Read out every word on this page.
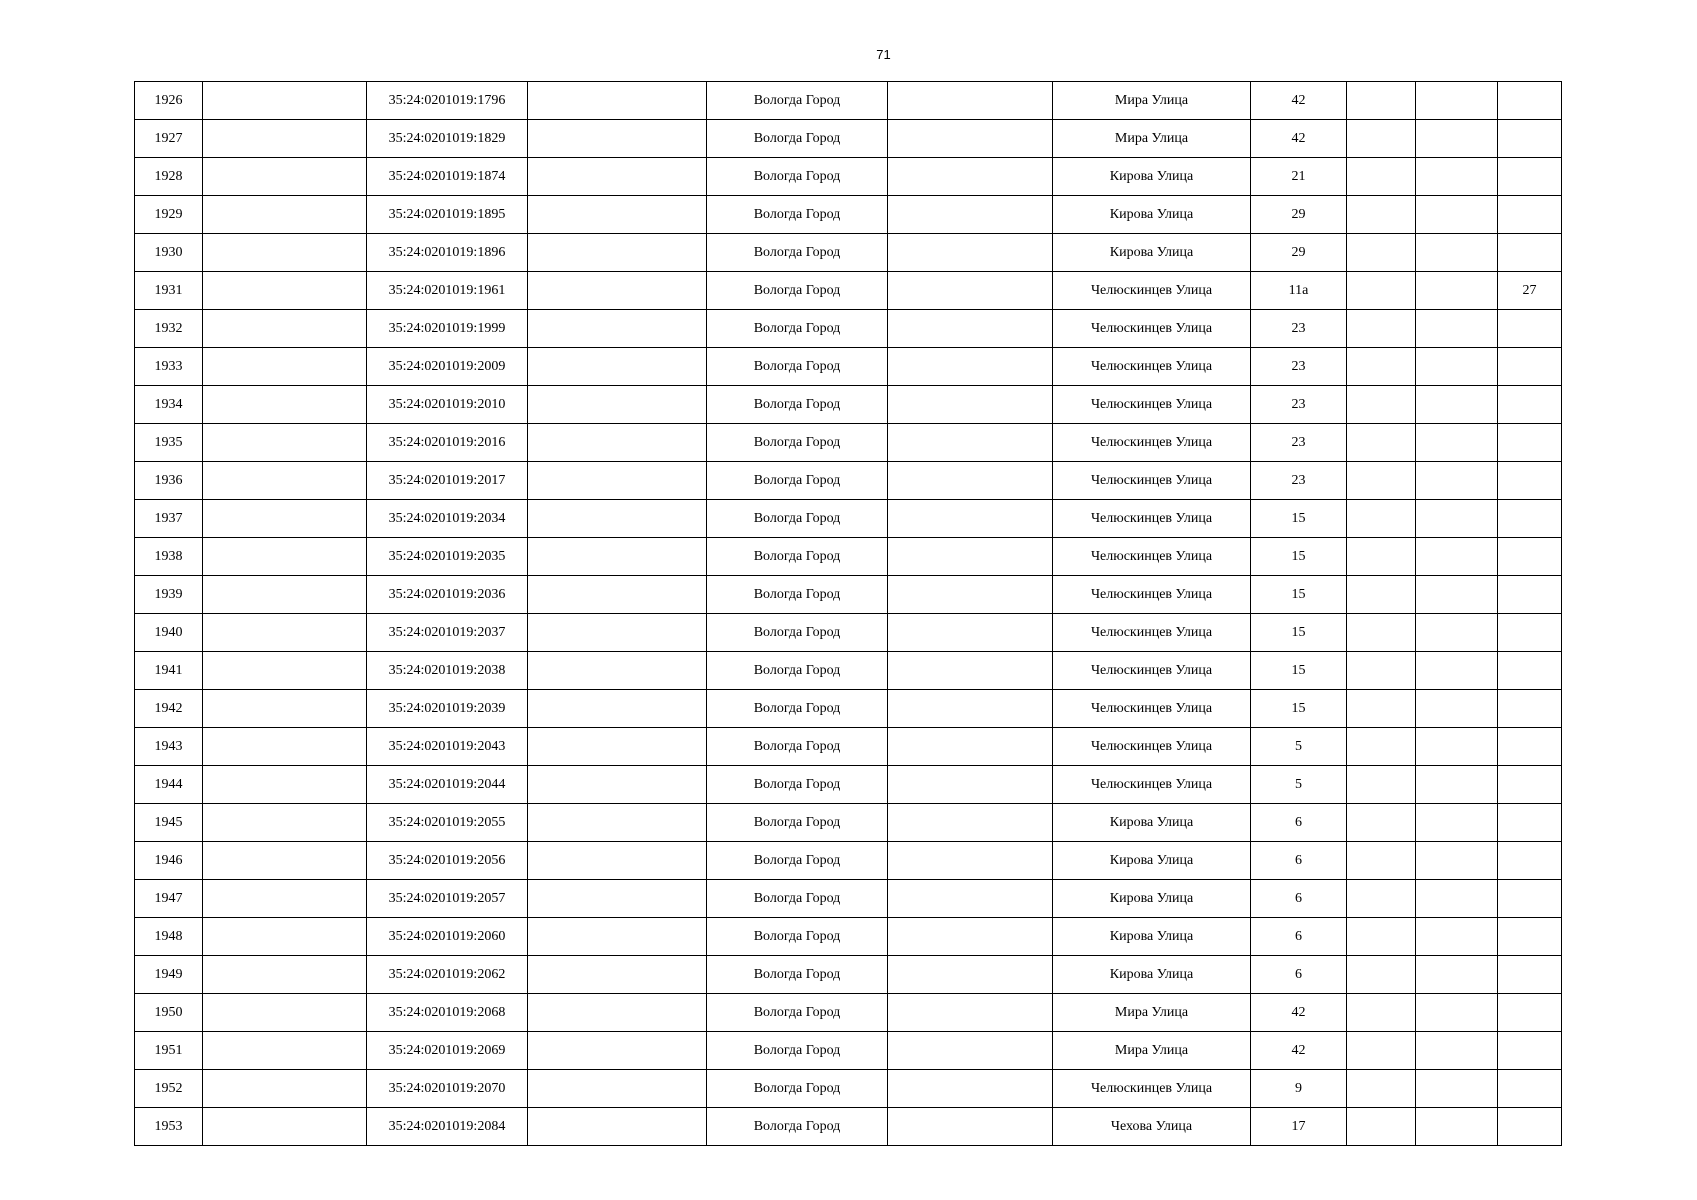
71
1926		35:24:0201019:1796		Вологда Город		Мира Улица	42			
1927		35:24:0201019:1829		Вологда Город		Мира Улица	42			
1928		35:24:0201019:1874		Вологда Город		Кирова Улица	21			
1929		35:24:0201019:1895		Вологда Город		Кирова Улица	29			
1930		35:24:0201019:1896		Вологда Город		Кирова Улица	29			
1931		35:24:0201019:1961		Вологда Город		Челюскинцев Улица	11а			27
1932		35:24:0201019:1999		Вологда Город		Челюскинцев Улица	23			
1933		35:24:0201019:2009		Вологда Город		Челюскинцев Улица	23			
1934		35:24:0201019:2010		Вологда Город		Челюскинцев Улица	23			
1935		35:24:0201019:2016		Вологда Город		Челюскинцев Улица	23			
1936		35:24:0201019:2017		Вологда Город		Челюскинцев Улица	23			
1937		35:24:0201019:2034		Вологда Город		Челюскинцев Улица	15			
1938		35:24:0201019:2035		Вологда Город		Челюскинцев Улица	15			
1939		35:24:0201019:2036		Вологда Город		Челюскинцев Улица	15			
1940		35:24:0201019:2037		Вологда Город		Челюскинцев Улица	15			
1941		35:24:0201019:2038		Вологда Город		Челюскинцев Улица	15			
1942		35:24:0201019:2039		Вологда Город		Челюскинцев Улица	15			
1943		35:24:0201019:2043		Вологда Город		Челюскинцев Улица	5			
1944		35:24:0201019:2044		Вологда Город		Челюскинцев Улица	5			
1945		35:24:0201019:2055		Вологда Город		Кирова Улица	6			
1946		35:24:0201019:2056		Вологда Город		Кирова Улица	6			
1947		35:24:0201019:2057		Вологда Город		Кирова Улица	6			
1948		35:24:0201019:2060		Вологда Город		Кирова Улица	6			
1949		35:24:0201019:2062		Вологда Город		Кирова Улица	6			
1950		35:24:0201019:2068		Вологда Город		Мира Улица	42			
1951		35:24:0201019:2069		Вологда Город		Мира Улица	42			
1952		35:24:0201019:2070		Вологда Город		Челюскинцев Улица	9			
1953		35:24:0201019:2084		Вологда Город		Чехова Улица	17			
